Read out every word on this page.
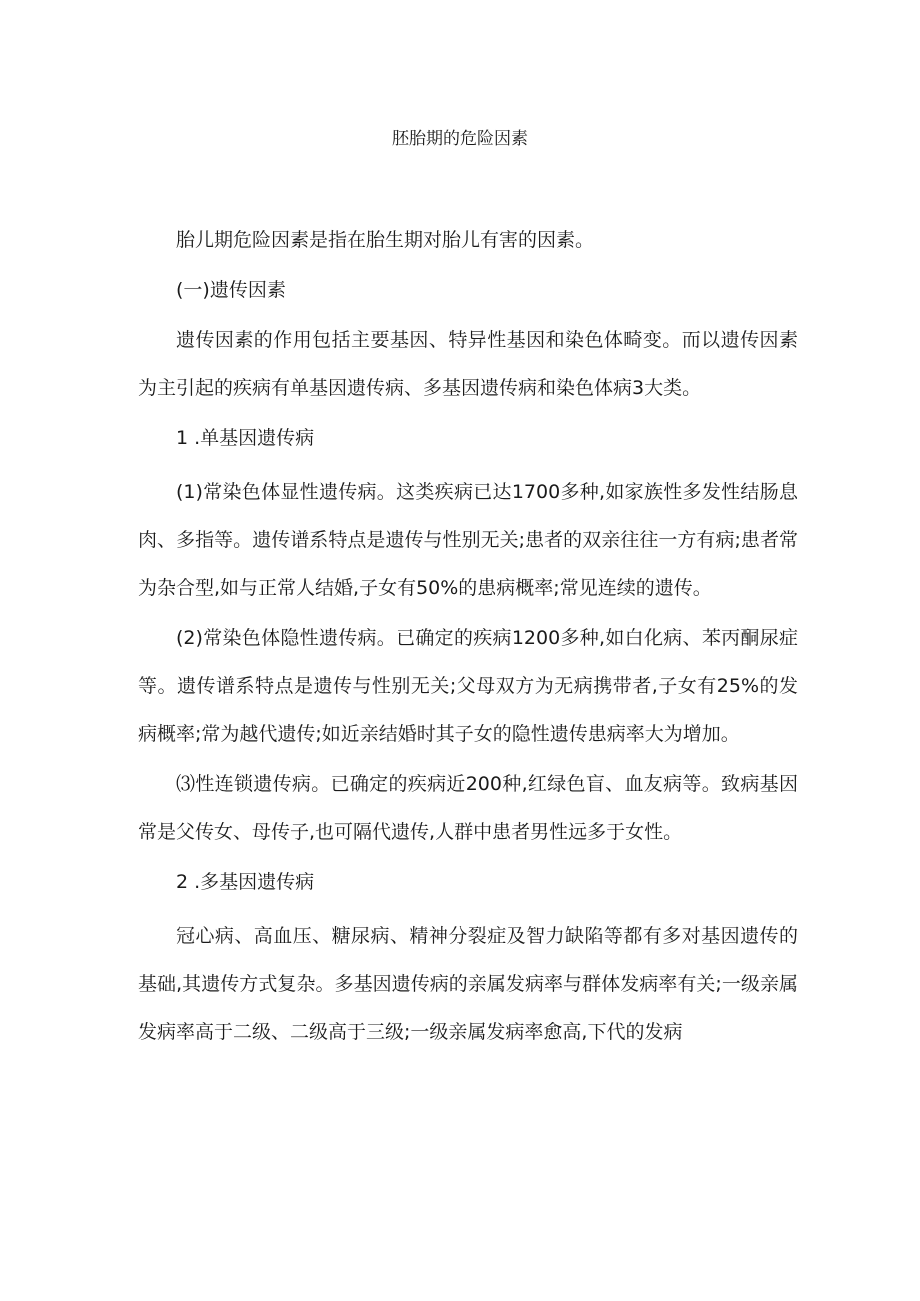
胚胎期的危险因素

胎儿期危险因素是指在胎生期对胎儿有害的因素。

(一)遗传因素

遗传因素的作用包括主要基因、特异性基因和染色体畸变。而以遗传因素为主引起的疾病有单基因遗传病、多基因遗传病和染色体病3大类。

1 .单基因遗传病

(1)常染色体显性遗传病。这类疾病已达1700多种,如家族性多发性结肠息肉、多指等。遗传谱系特点是遗传与性别无关;患者的双亲往往一方有病;患者常为杂合型,如与正常人结婚,子女有50%的患病概率;常见连续的遗传。

(2)常染色体隐性遗传病。已确定的疾病1200多种,如白化病、苯丙酮尿症等。遗传谱系特点是遗传与性别无关;父母双方为无病携带者,子女有25%的发病概率;常为越代遗传;如近亲结婚时其子女的隐性遗传患病率大为增加。

⑶性连锁遗传病。已确定的疾病近200种,红绿色盲、血友病等。致病基因常是父传女、母传子,也可隔代遗传,人群中患者男性远多于女性。

2 .多基因遗传病

冠心病、高血压、糖尿病、精神分裂症及智力缺陷等都有多对基因遗传的基础,其遗传方式复杂。多基因遗传病的亲属发病率与群体发病率有关;一级亲属发病率高于二级、二级高于三级;一级亲属发病率愈高,下代的发病
